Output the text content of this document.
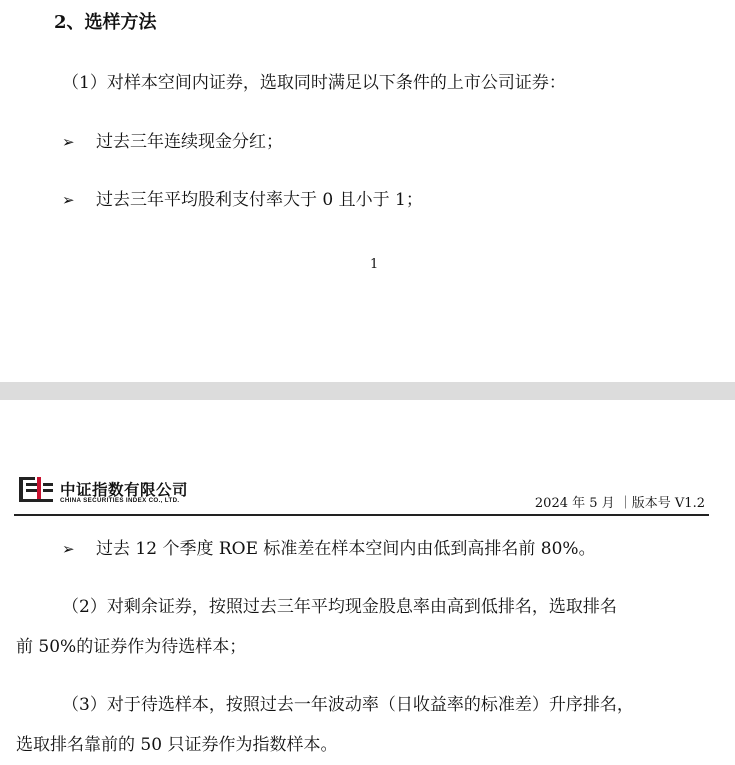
2、选样方法
（1）对样本空间内证券，选取同时满足以下条件的上市公司证券：
➢ 过去三年连续现金分红；
➢ 过去三年平均股利支付率大于 0 且小于 1；
1
中证指数有限公司
CHINA SECURITIES INDEX CO., LTD.	2024 年 5 月 ｜版本号 V1.2
➢ 过去 12 个季度 ROE 标准差在样本空间内由低到高排名前 80%。
（2）对剩余证券，按照过去三年平均现金股息率由高到低排名，选取排名
前 50%的证券作为待选样本；
（3）对于待选样本，按照过去一年波动率（日收益率的标准差）升序排名，
选取排名靠前的 50 只证券作为指数样本。
